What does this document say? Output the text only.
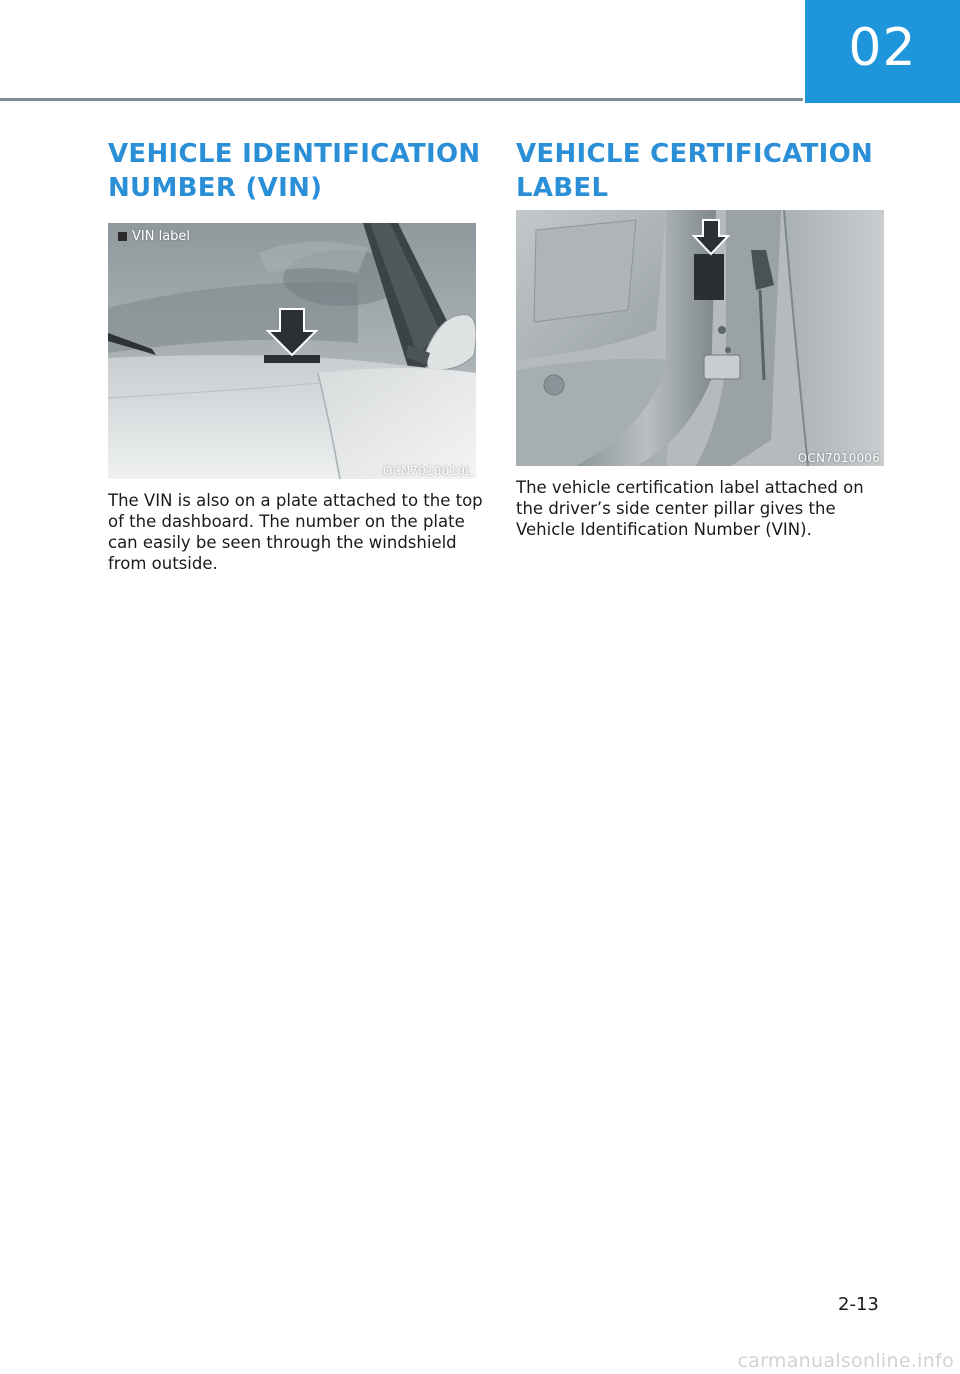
02
VEHICLE IDENTIFICATION
NUMBER (VIN)
VIN label
OCN7010010L

The VIN is also on a plate attached to the top of the dashboard. The number on the plate can easily be seen through the windshield from outside.

VEHICLE CERTIFICATION
LABEL
OCN7010006

The vehicle certification label attached on the driver’s side center pillar gives the Vehicle Identification Number (VIN).

2-13
carmanualsonline.info
